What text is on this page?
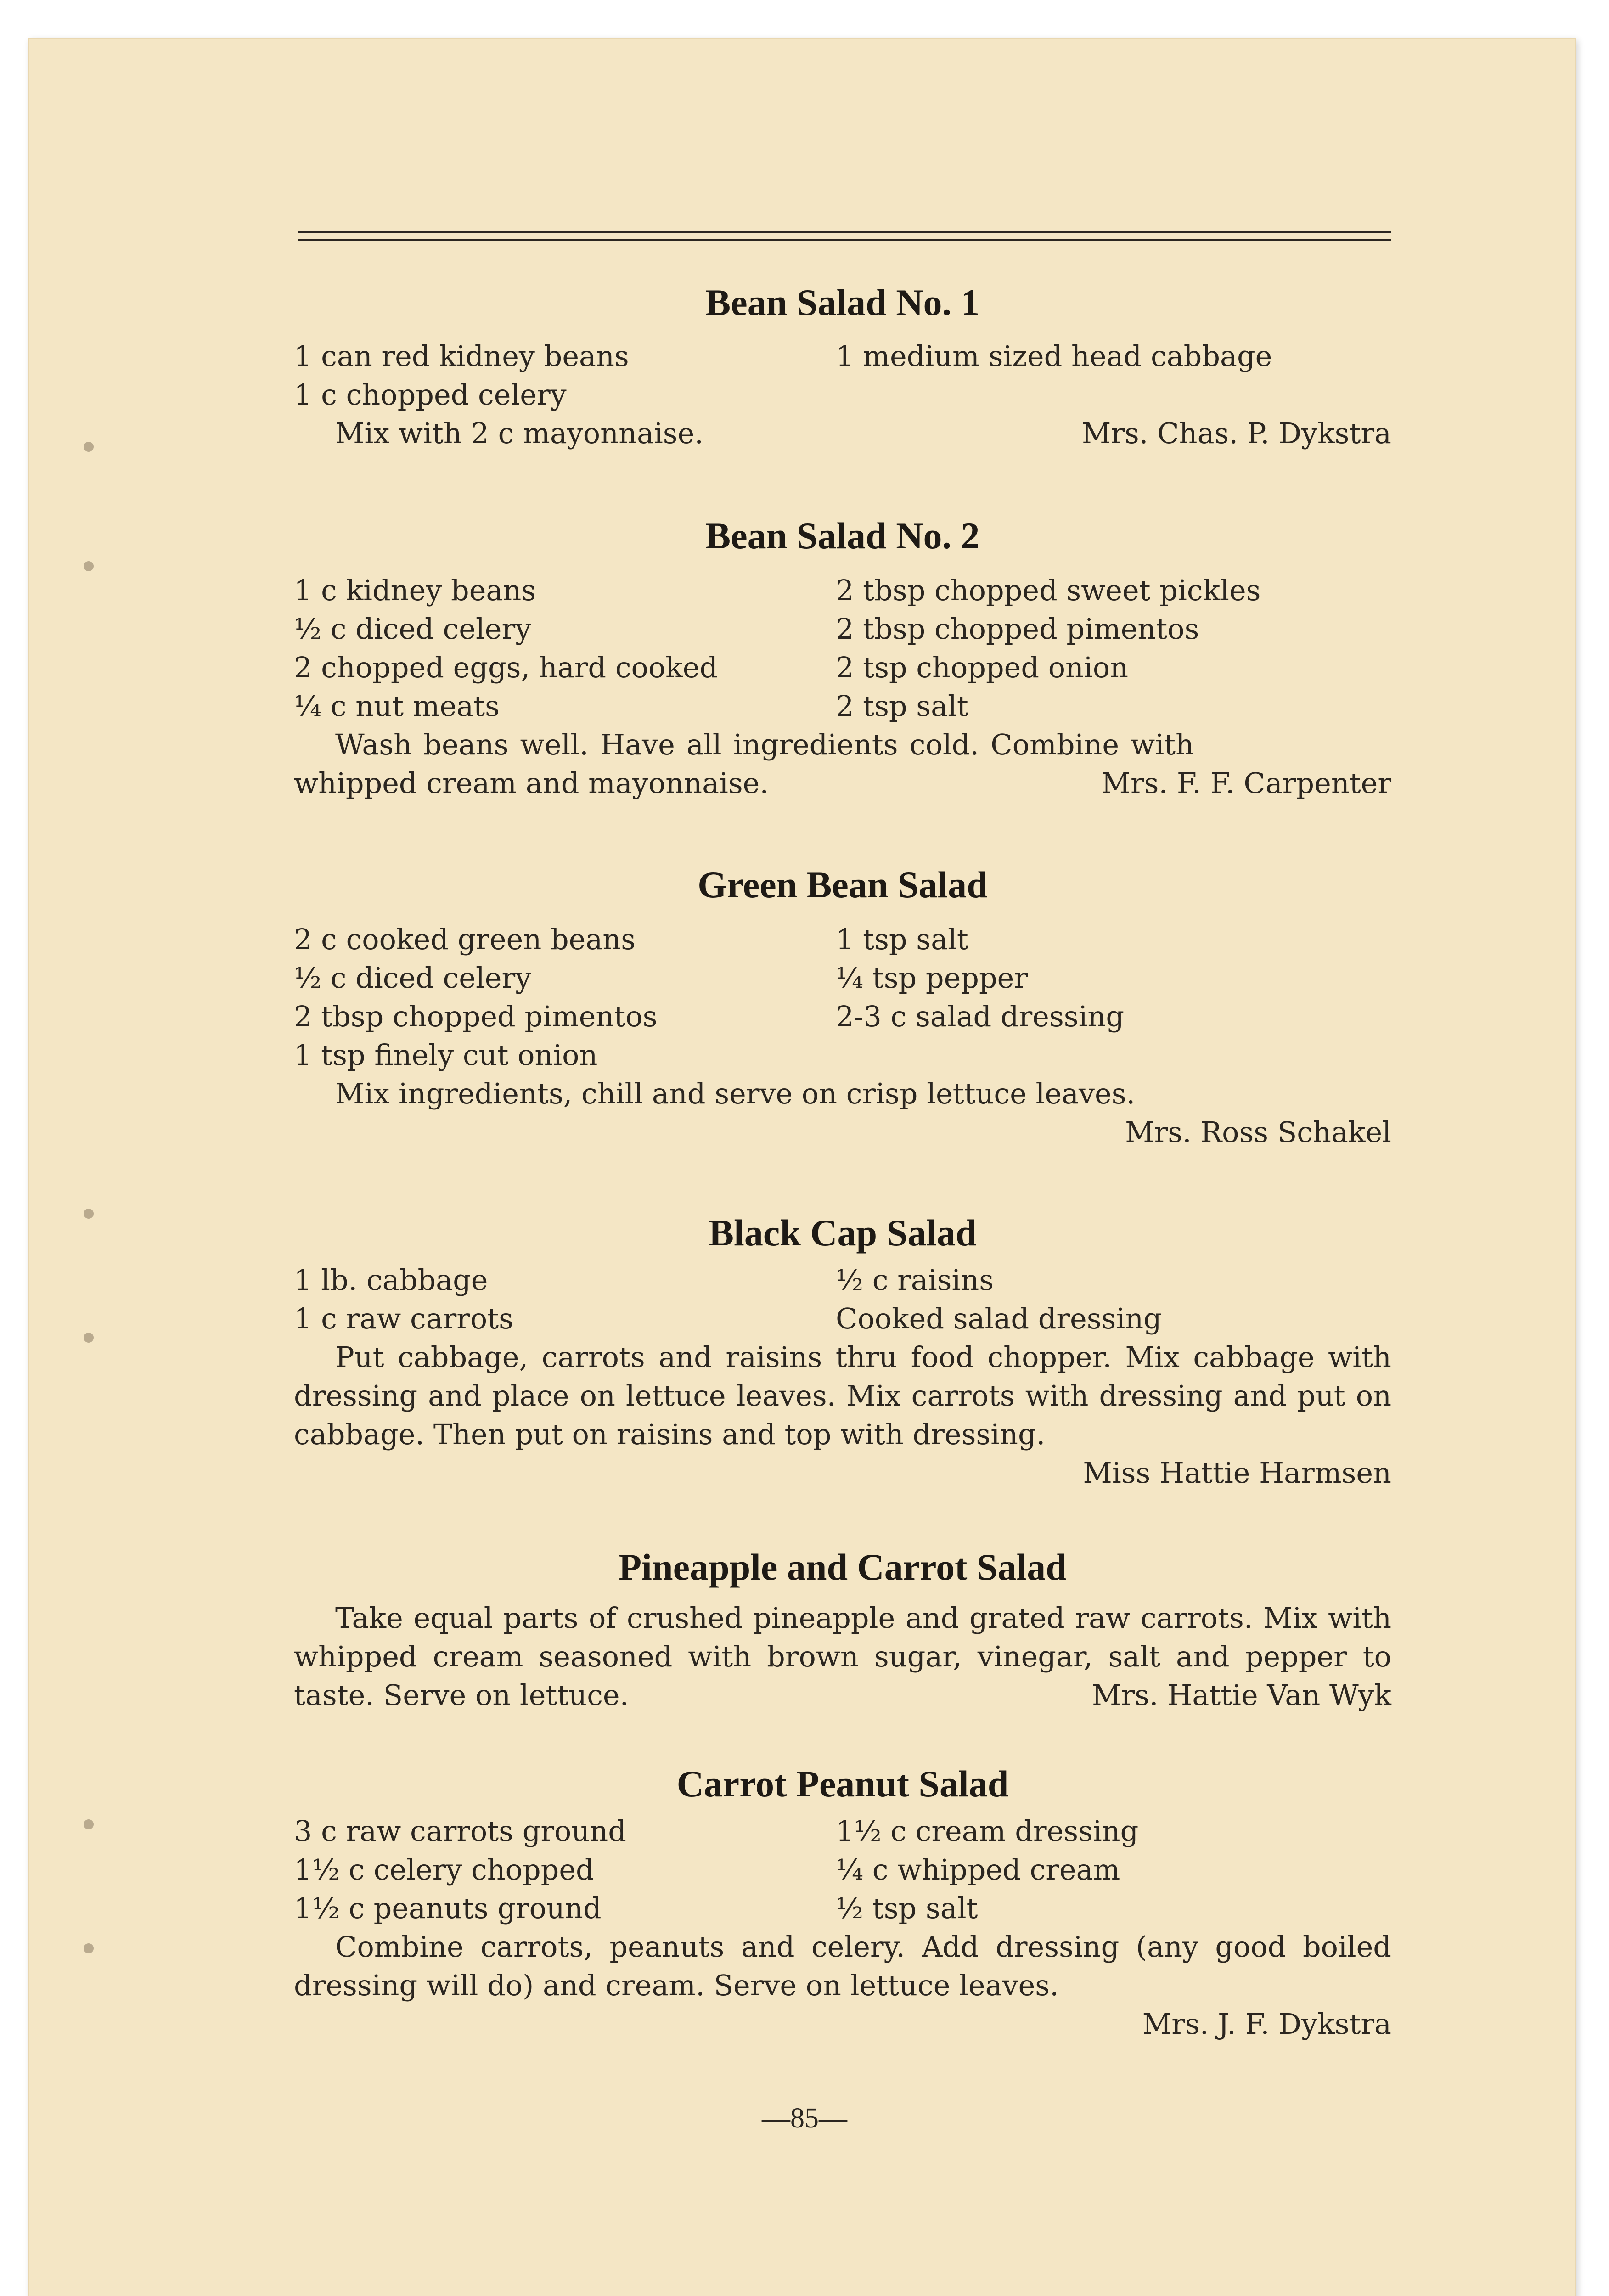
Bean Salad No. 1
1 can red kidney beans	1 medium sized head cabbage
1 c chopped celery
Mix with 2 c mayonnaise.	Mrs. Chas. P. Dykstra
Bean Salad No. 2
1 c kidney beans	2 tbsp chopped sweet pickles
½ c diced celery	2 tbsp chopped pimentos
2 chopped eggs, hard cooked	2 tsp chopped onion
¼ c nut meats	2 tsp salt

Wash beans well. Have all ingredients cold. Combine with whipped cream and mayonnaise.	Mrs. F. F. Carpenter

Green Bean Salad
2 c cooked green beans	1 tsp salt
½ c diced celery	¼ tsp pepper
2 tbsp chopped pimentos	2-3 c salad dressing
1 tsp finely cut onion

Mix ingredients, chill and serve on crisp lettuce leaves.

Mrs. Ross Schakel

Black Cap Salad
1 lb. cabbage	½ c raisins
1 c raw carrots	Cooked salad dressing

Put cabbage, carrots and raisins thru food chopper. Mix cabbage with dressing and place on lettuce leaves. Mix carrots with dressing and put on cabbage. Then put on raisins and top with dressing.

Miss Hattie Harmsen

Pineapple and Carrot Salad

Take equal parts of crushed pineapple and grated raw carrots. Mix with whipped cream seasoned with brown sugar, vinegar, salt and pepper to taste. Serve on lettuce.	Mrs. Hattie Van Wyk

Carrot Peanut Salad
3 c raw carrots ground	1½ c cream dressing
1½ c celery chopped	¼ c whipped cream
1½ c peanuts ground	½ tsp salt

Combine carrots, peanuts and celery. Add dressing (any good boiled dressing will do) and cream. Serve on lettuce leaves.

Mrs. J. F. Dykstra

—85—
